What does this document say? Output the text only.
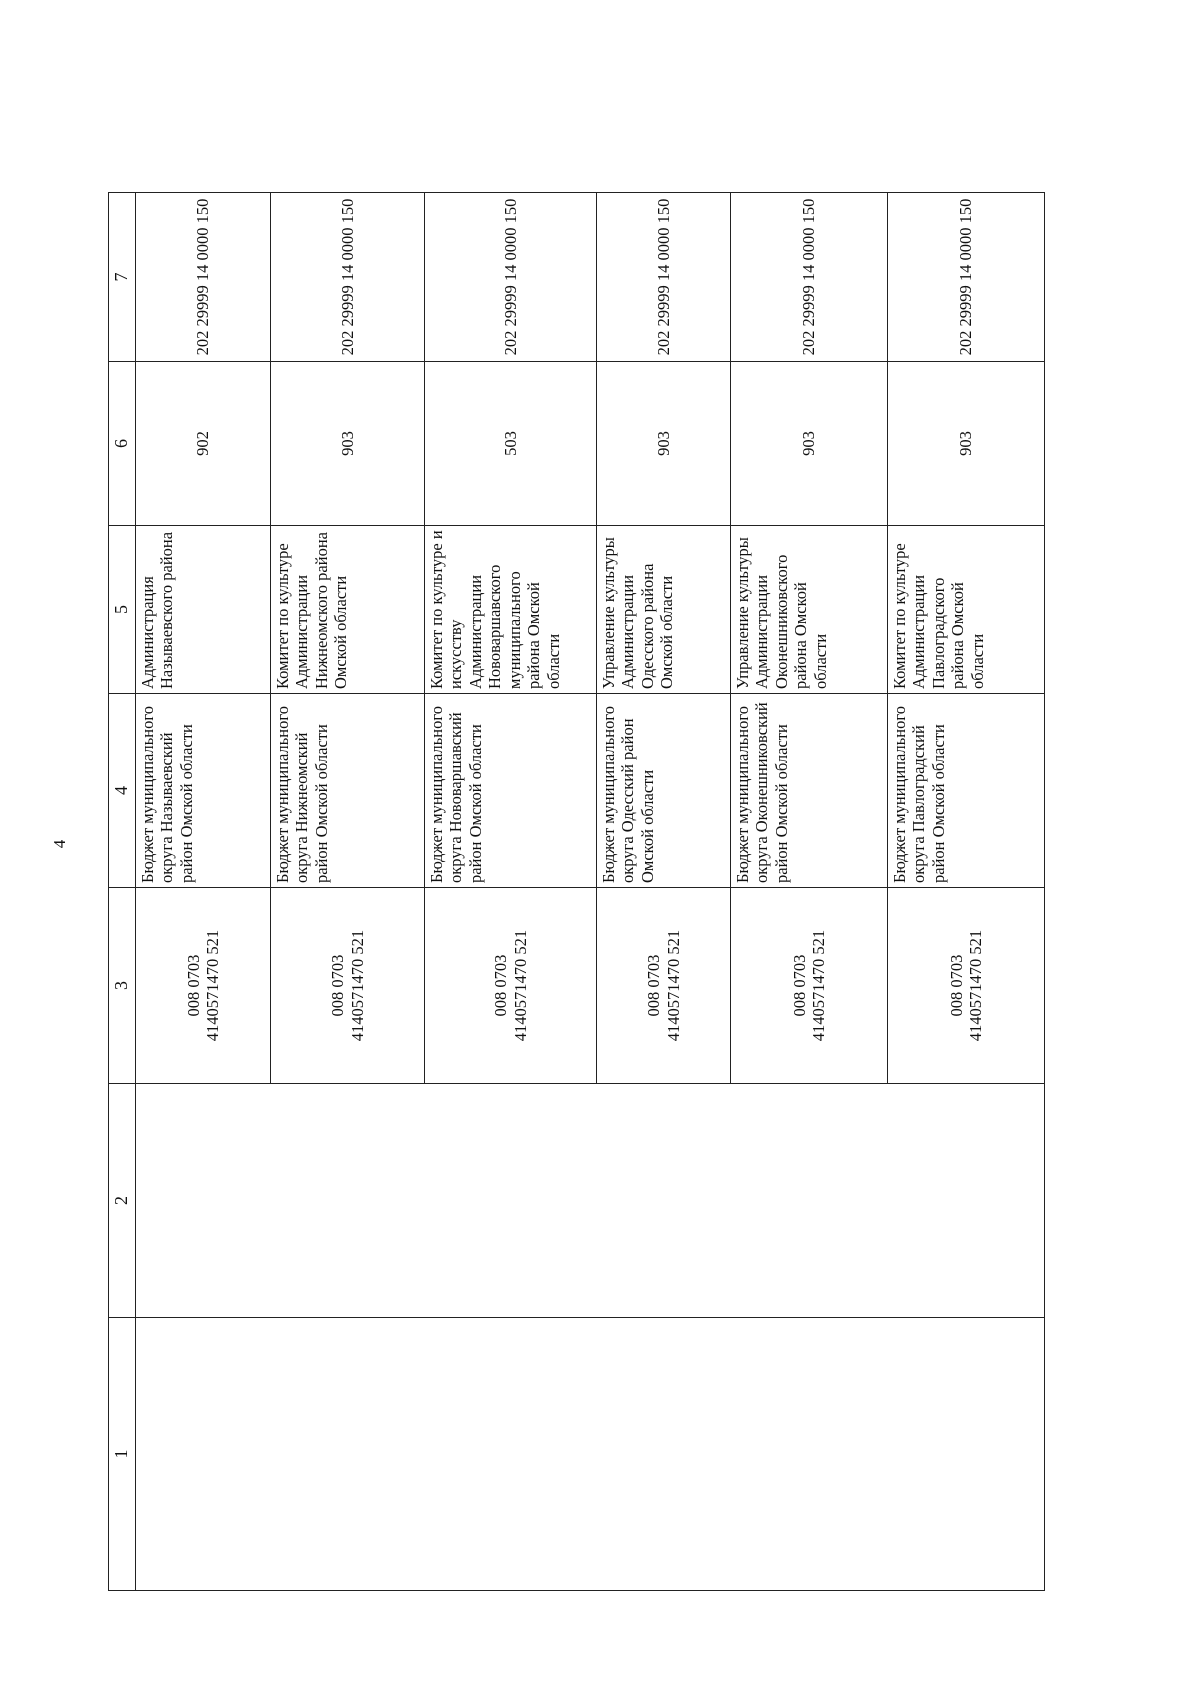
4
1	2	3	4	5	6	7

		008 0703 4140571470 521	Бюджет муниципального округа Называевский район Омской области	Администрация Называевского района	902	202 29999 14 0000 150

		008 0703 4140571470 521	Бюджет муниципального округа Нижнеомский район Омской области	Комитет по культуре Администрации Нижнеомского района Омской области	903	202 29999 14 0000 150

		008 0703 4140571470 521	Бюджет муниципального округа Нововаршавский район Омской области	Комитет по культуре и искусству Администрации Нововаршавского муниципального района Омской области	503	202 29999 14 0000 150

		008 0703 4140571470 521	Бюджет муниципального округа Одесский район Омской области	Управление культуры Администрации Одесского района Омской области	903	202 29999 14 0000 150

		008 0703 4140571470 521	Бюджет муниципального округа Оконешниковский район Омской области	Управление культуры Администрации Оконешниковского района Омской области	903	202 29999 14 0000 150

		008 0703 4140571470 521	Бюджет муниципального округа Павлоградский район Омской области	Комитет по культуре Администрации Павлоградского района Омской области	903	202 29999 14 0000 150
